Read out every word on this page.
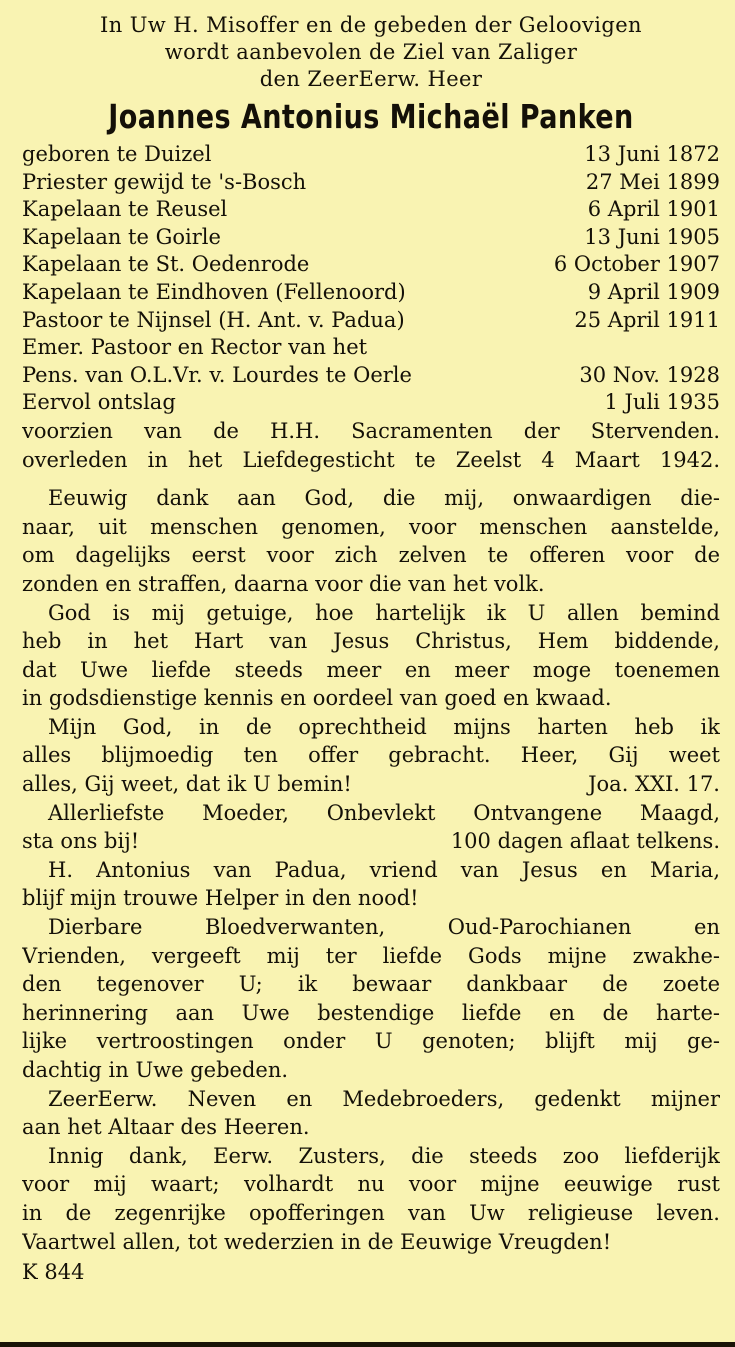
In Uw H. Misoffer en de gebeden der Geloovigen

wordt aanbevolen de Ziel van Zaliger

den ZeerEerw. Heer

Joannes Antonius Michaël Panken
geboren te Duizel	13 Juni 1872
Priester gewijd te 's-Bosch	27 Mei 1899
Kapelaan te Reusel	6 April 1901
Kapelaan te Goirle	13 Juni 1905
Kapelaan te St. Oedenrode	6 October 1907
Kapelaan te Eindhoven (Fellenoord)	9 April 1909
Pastoor te Nijnsel (H. Ant. v. Padua)	25 April 1911
Emer. Pastoor en Rector van het
Pens. van O.L.Vr. v. Lourdes te Oerle	30 Nov. 1928
Eervol ontslag	1 Juli 1935
voorzien van de H.H. Sacramenten der Stervenden.
overleden in het Liefdegesticht te Zeelst 4 Maart 1942.
Eeuwig dank aan God, die mij, onwaardigen die-
naar, uit menschen genomen, voor menschen aanstelde,
om dagelijks eerst voor zich zelven te offeren voor de
zonden en straffen, daarna voor die van het volk.
God is mij getuige, hoe hartelijk ik U allen bemind
heb in het Hart van Jesus Christus, Hem biddende,
dat Uwe liefde steeds meer en meer moge toenemen
in godsdienstige kennis en oordeel van goed en kwaad.
Mijn God, in de oprechtheid mijns harten heb ik
alles blijmoedig ten offer gebracht. Heer, Gij weet
alles, Gij weet, dat ik U bemin!	Joa. XXI. 17.
Allerliefste Moeder, Onbevlekt Ontvangene Maagd,
sta ons bij!	100 dagen aflaat telkens.
H. Antonius van Padua, vriend van Jesus en Maria,
blijf mijn trouwe Helper in den nood!
Dierbare Bloedverwanten, Oud-Parochianen en
Vrienden, vergeeft mij ter liefde Gods mijne zwakhe-
den tegenover U; ik bewaar dankbaar de zoete
herinnering aan Uwe bestendige liefde en de harte-
lijke vertroostingen onder U genoten; blijft mij ge-
dachtig in Uwe gebeden.
ZeerEerw. Neven en Medebroeders, gedenkt mijner
aan het Altaar des Heeren.
Innig dank, Eerw. Zusters, die steeds zoo liefderijk
voor mij waart; volhardt nu voor mijne eeuwige rust
in de zegenrijke opofferingen van Uw religieuse leven.
Vaartwel allen, tot wederzien in de Eeuwige Vreugden!
K 844
